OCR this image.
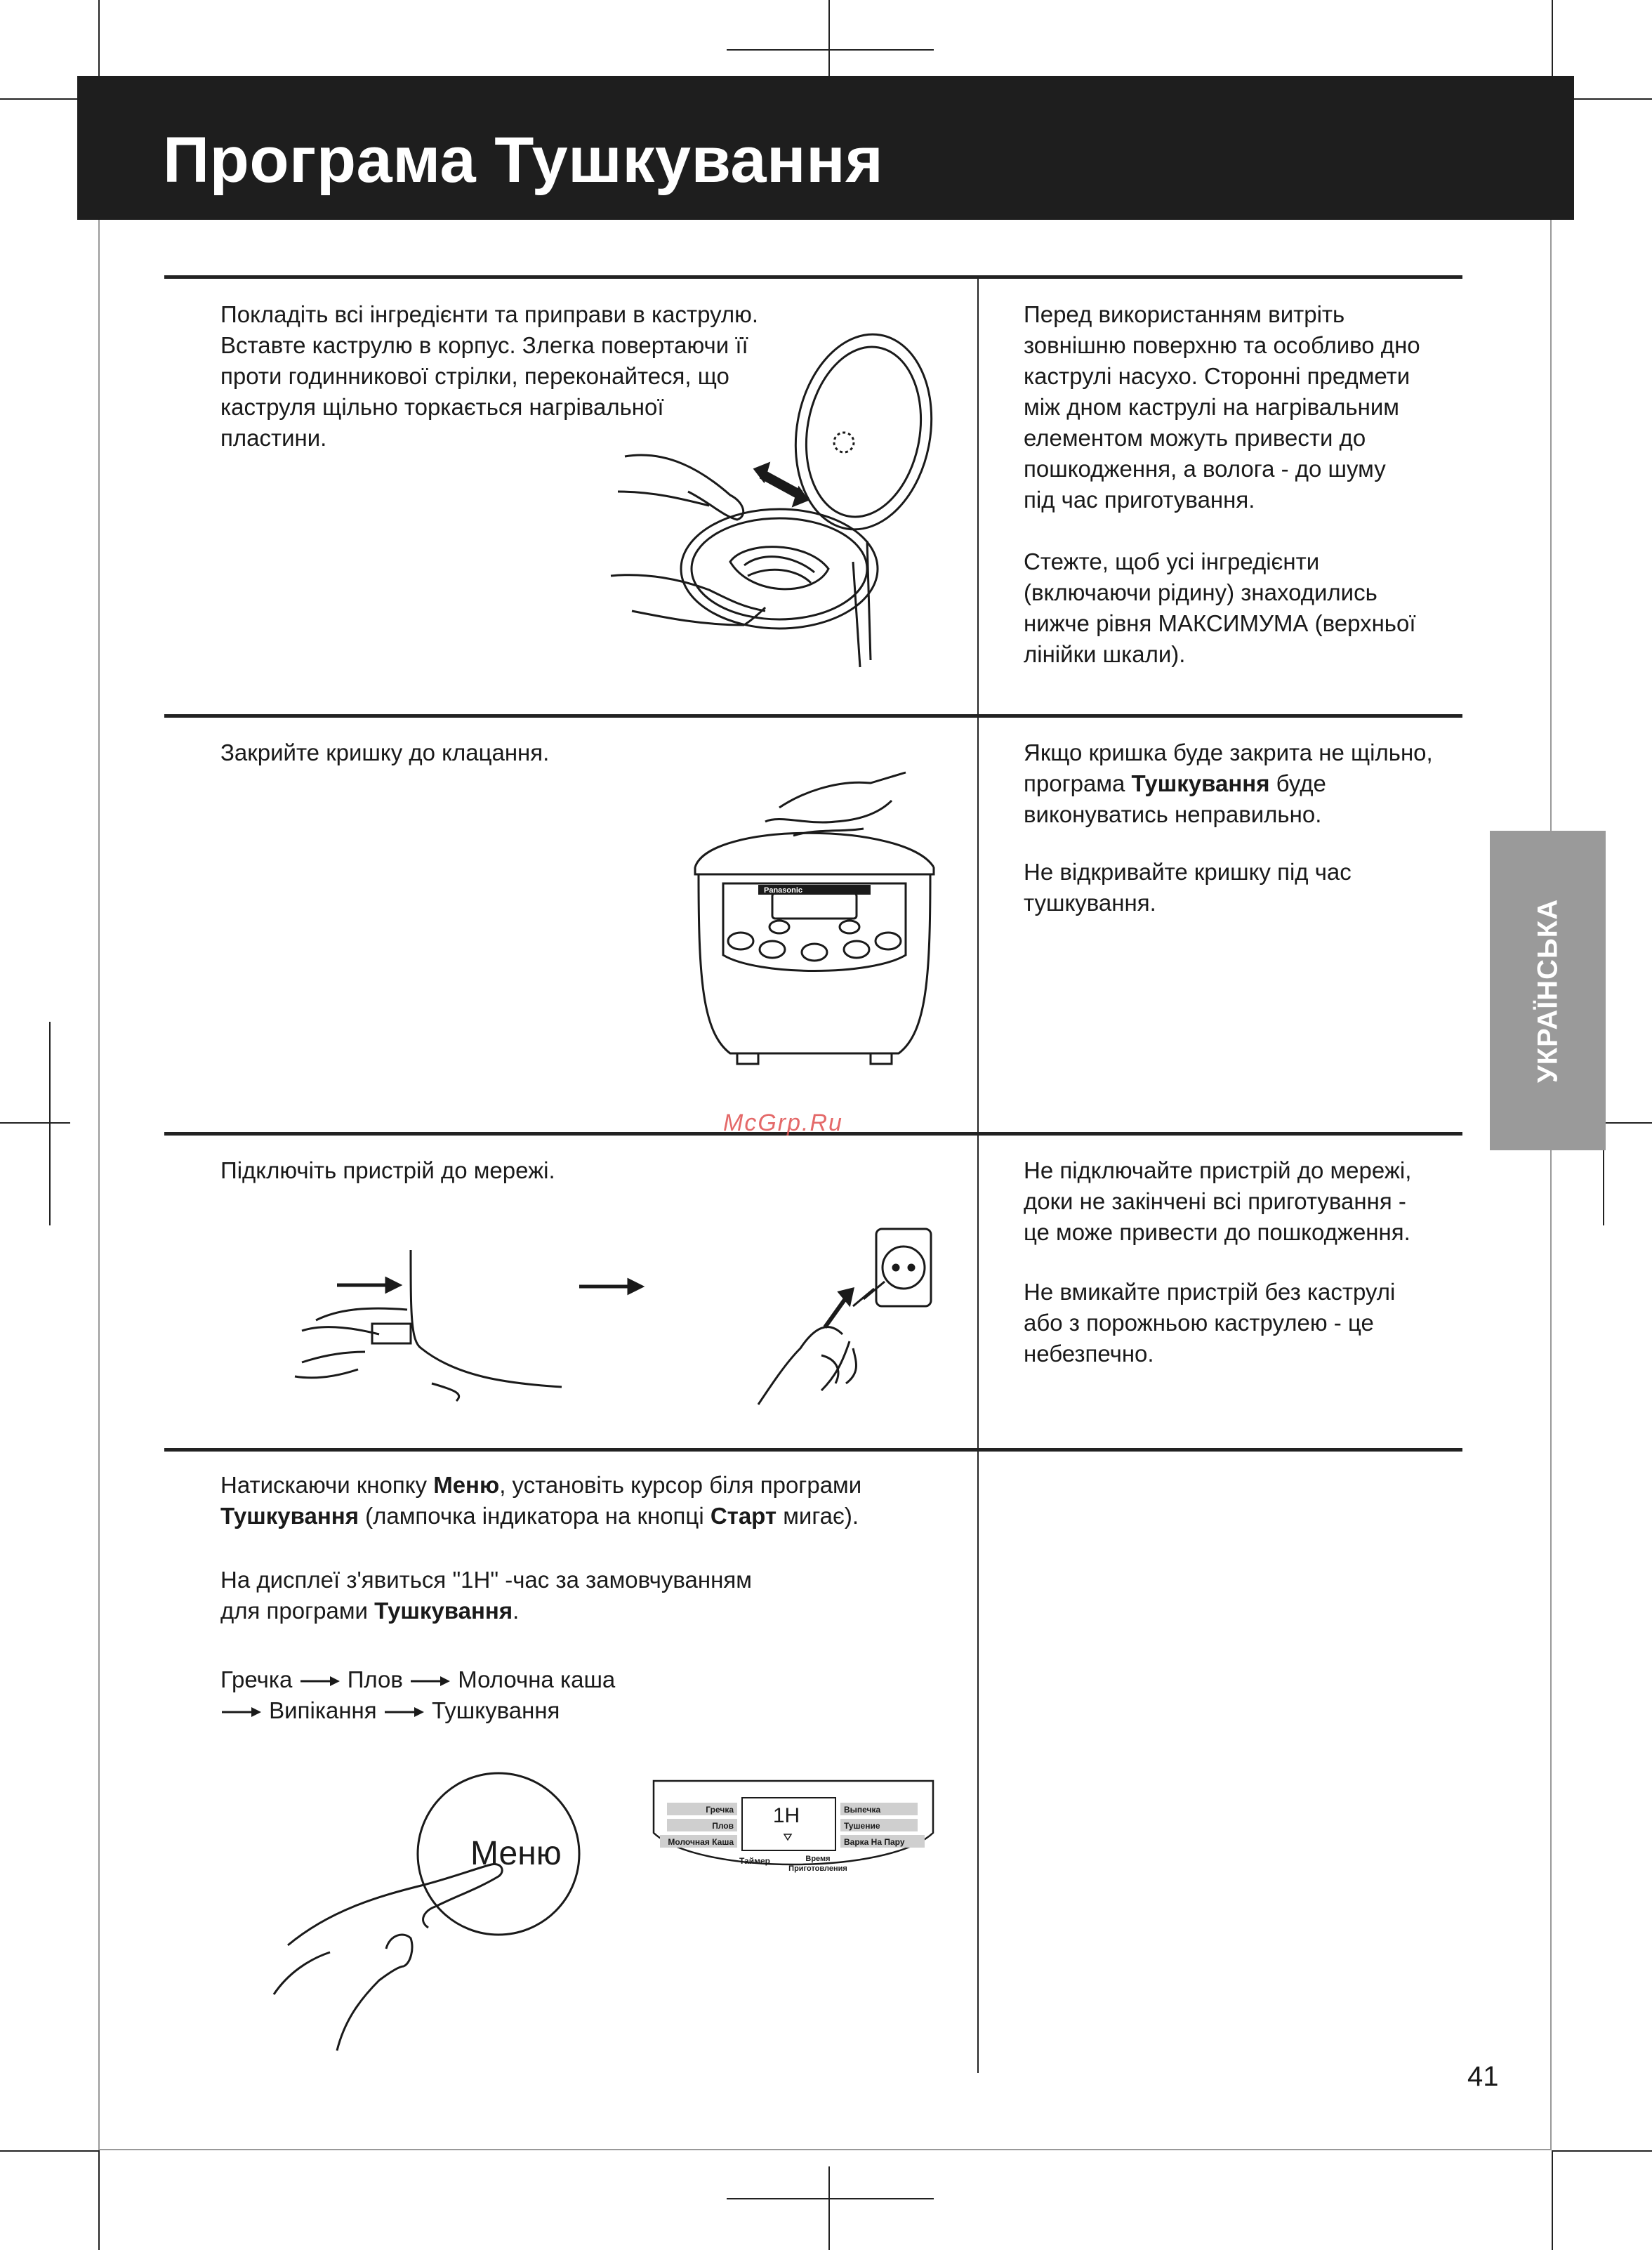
Програма Тушкування
УКРАЇНСЬКА
Покладіть всі інгредієнти та приправи в каструлю.
Вставте каструлю в корпус. Злегка повертаючи її
проти годинникової стрілки, переконайтеся, що
каструля щільно торкається нагрівальної
пластини.
Перед використанням витріть
зовнішню поверхню та особливо дно
каструлі насухо. Сторонні предмети
між дном каструлі на нагрівальним
елементом можуть привести до
пошкодження, а волога - до шуму
під час приготування.
Стежте, щоб усі інгредієнти
(включаючи рідину) знаходились
нижче рівня МАКСИМУМА (верхньої
лінійки шкали).
Закрийте кришку до клацання.	Якщо кришка буде закрита не щільно,
програма Тушкування буде
виконуватись неправильно.
Не відкривайте кришку під час
тушкування.
Panasonic
McGrp.Ru
Підключіть пристрій до мережі.	Не підключайте пристрій до мережі,
доки не закінчені всі приготування -
це може привести до пошкодження.
Не вмикайте пристрій без каструлі
або з порожньою каструлею - це
небезпечно.
Натискаючи кнопку Меню, установіть курсор біля програми
Тушкування (лампочка індикатора на кнопці Старт мигає).
На дисплеї з'явиться "1H" -час за замовчуванням
для програми Тушкування.
Гречка Плов Молочна каша
Випікання Тушкування
Меню
Гречка
Плов
Молочная Каша
Выпечка
Тушение
Варка На Пару
1H
Таймер	Время
Приготовления
41
